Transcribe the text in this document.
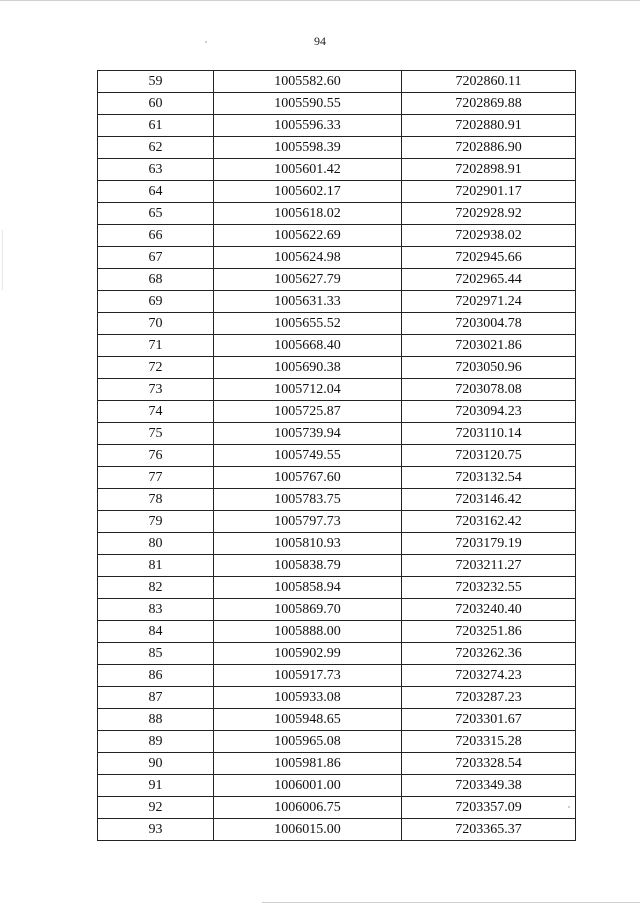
94
59	1005582.60	7202860.11
60	1005590.55	7202869.88
61	1005596.33	7202880.91
62	1005598.39	7202886.90
63	1005601.42	7202898.91
64	1005602.17	7202901.17
65	1005618.02	7202928.92
66	1005622.69	7202938.02
67	1005624.98	7202945.66
68	1005627.79	7202965.44
69	1005631.33	7202971.24
70	1005655.52	7203004.78
71	1005668.40	7203021.86
72	1005690.38	7203050.96
73	1005712.04	7203078.08
74	1005725.87	7203094.23
75	1005739.94	7203110.14
76	1005749.55	7203120.75
77	1005767.60	7203132.54
78	1005783.75	7203146.42
79	1005797.73	7203162.42
80	1005810.93	7203179.19
81	1005838.79	7203211.27
82	1005858.94	7203232.55
83	1005869.70	7203240.40
84	1005888.00	7203251.86
85	1005902.99	7203262.36
86	1005917.73	7203274.23
87	1005933.08	7203287.23
88	1005948.65	7203301.67
89	1005965.08	7203315.28
90	1005981.86	7203328.54
91	1006001.00	7203349.38
92	1006006.75	7203357.09
93	1006015.00	7203365.37
